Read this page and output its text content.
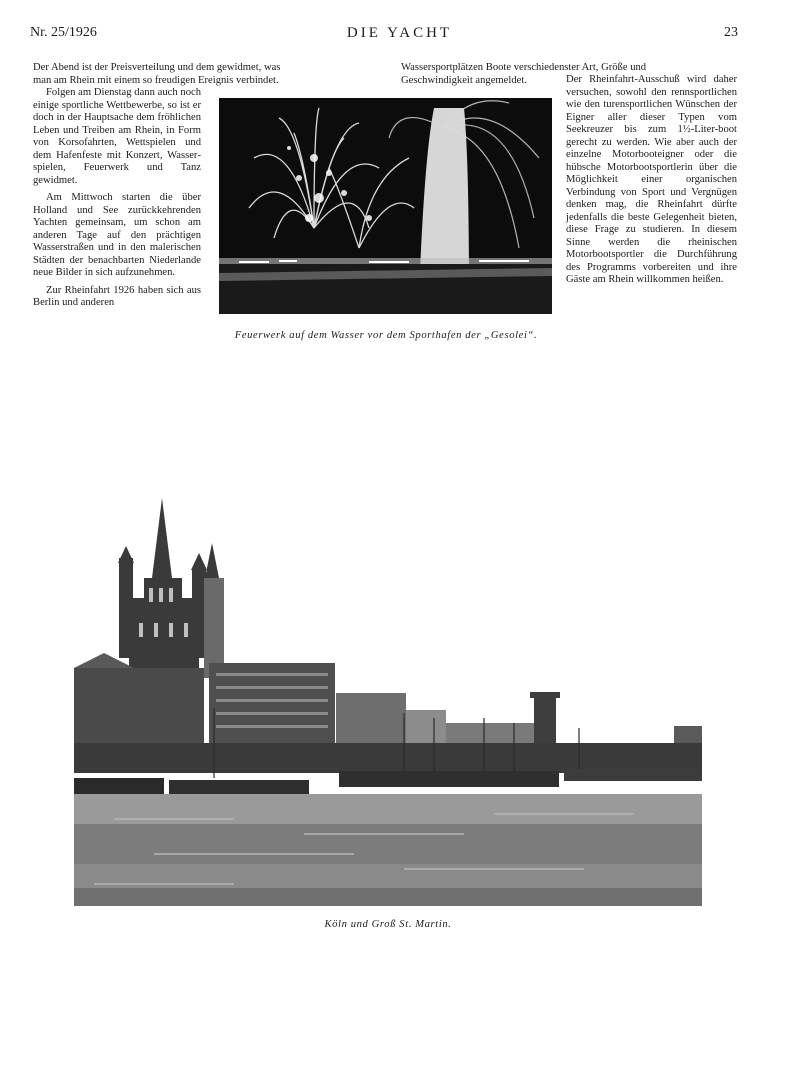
Nr. 25/1926	DIE YACHT	23

Der Abend ist der Preisverteilung und dem gewidmet, was

man am Rhein mit einem so freudigen Ereignis verbindet.

Wassersportplätzen Boote verschiedenster Art, Größe und

Geschwindigkeit angemeldet.

Folgen am Dienstag dann auch noch einige sportliche Wettbewerbe, so ist er doch in der Hauptsache dem fröhlichen Leben und Treiben am Rhein, in Form von Korsofahrten, Wettspielen und dem Hafenfeste mit Konzert, Wasserspielen, Feuerwerk und Tanz gewidmet.

Am Mittwoch starten die über Holland und See zurückkehrenden Yachten gemeinsam, um schon am anderen Tage auf den prächtigen Wasserstraßen und in den malerischen Städten der benachbarten Niederlande neue Bilder in sich aufzunehmen.

Zur Rheinfahrt 1926 haben sich aus Berlin und anderen

Der Rheinfahrt-Ausschuß wird daher versuchen, sowohl den rennsportlichen wie den turensportlichen Wünschen der Eigner aller dieser Typen vom Seekreuzer bis zum 1½-Liter-boot gerecht zu werden. Wie aber auch der einzelne Motorbooteigner oder die hübsche Motorbootsportlerin über die Möglichkeit einer organischen Verbindung von Sport und Vergnügen denken mag, die Rheinfahrt dürfte jedenfalls die beste Gelegenheit bieten, diese Frage zu studieren. In diesem Sinne werden die rheinischen Motorbootsportler die Durchführung des Programms vorbereiten und ihre Gäste am Rhein willkommen heißen.

Feuerwerk auf dem Wasser vor dem Sporthafen der „Gesolei“.
Köln und Groß St. Martin.
